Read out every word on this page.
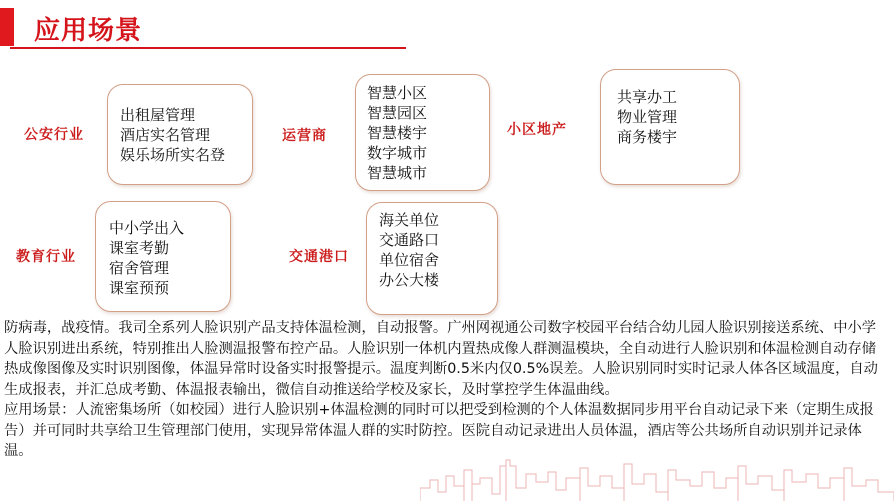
应用场景
公安行业
出租屋管理
酒店实名管理
娱乐场所实名登
运营商
智慧小区
智慧园区
智慧楼宇
数字城市
智慧城市
小区地产
共享办工
物业管理
商务楼宇
教育行业
中小学出入
课室考勤
宿舍管理
课室预预
交通港口
海关单位
交通路口
单位宿舍
办公大楼

防病毒，战疫情。我司全系列人脸识别产品支持体温检测，自动报警。广州网视通公司数字校园平台结合幼儿园人脸识别接送系统、中小学人脸识别进出系统，特别推出人脸测温报警布控产品。人脸识别一体机内置热成像人群测温模块，全自动进行人脸识别和体温检测自动存储热成像图像及实时识别图像，体温异常时设备实时报警提示。温度判断0.5米内仅0.5%误差。人脸识别同时实时记录人体各区域温度，自动生成报表，并汇总成考勤、体温报表输出，微信自动推送给学校及家长，及时掌控学生体温曲线。

应用场景：人流密集场所（如校园）进行人脸识别+体温检测的同时可以把受到检测的个人体温数据同步用平台自动记录下来（定期生成报告）并可同时共享给卫生管理部门使用，实现异常体温人群的实时防控。医院自动记录进出人员体温，酒店等公共场所自动识别并记录体温。
